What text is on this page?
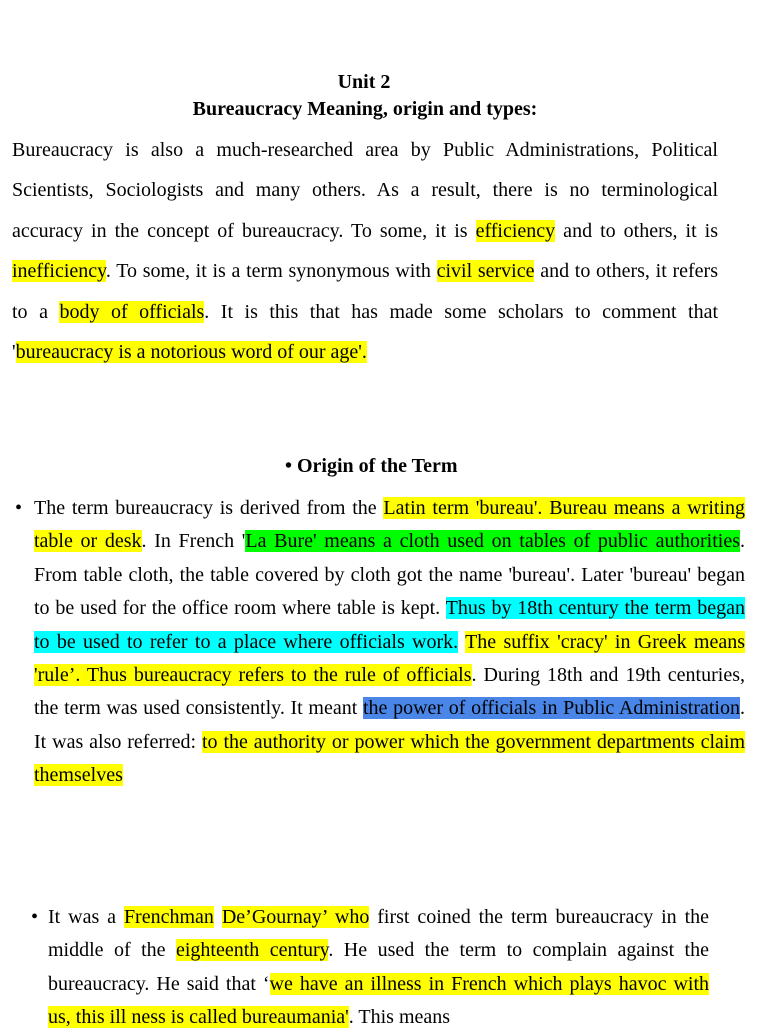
Unit 2
Bureaucracy Meaning, origin and types:

Bureaucracy is also a much-researched area by Public Administrations, Political Scientists, Sociologists and many others. As a result, there is no terminological accuracy in the concept of bureaucracy. To some, it is efficiency and to others, it is inefficiency. To some, it is a term synonymous with civil service and to others, it refers to a body of officials. It is this that has made some scholars to comment that 'bureaucracy is a notorious word of our age'.

• Origin of the Term
• The term bureaucracy is derived from the Latin term 'bureau'. Bureau means a writing table or desk. In French 'La Bure' means a cloth used on tables of public authorities. From table cloth, the table covered by cloth got the name 'bureau'. Later 'bureau' began to be used for the office room where table is kept. Thus by 18th century the term began to be used to refer to a place where officials work. The suffix 'cracy' in Greek means 'rule’. Thus bureaucracy refers to the rule of officials. During 18th and 19th centuries, the term was used consistently. It meant the power of officials in Public Administration. It was also referred: to the authority or power which the government departments claim themselves

• It was a Frenchman De’Gournay’ who first coined the term bureaucracy in the middle of the eighteenth century. He used the term to complain against the bureaucracy. He said that ‘we have an illness in French which plays havoc with us, this ill ness is called bureaumania'. This means
